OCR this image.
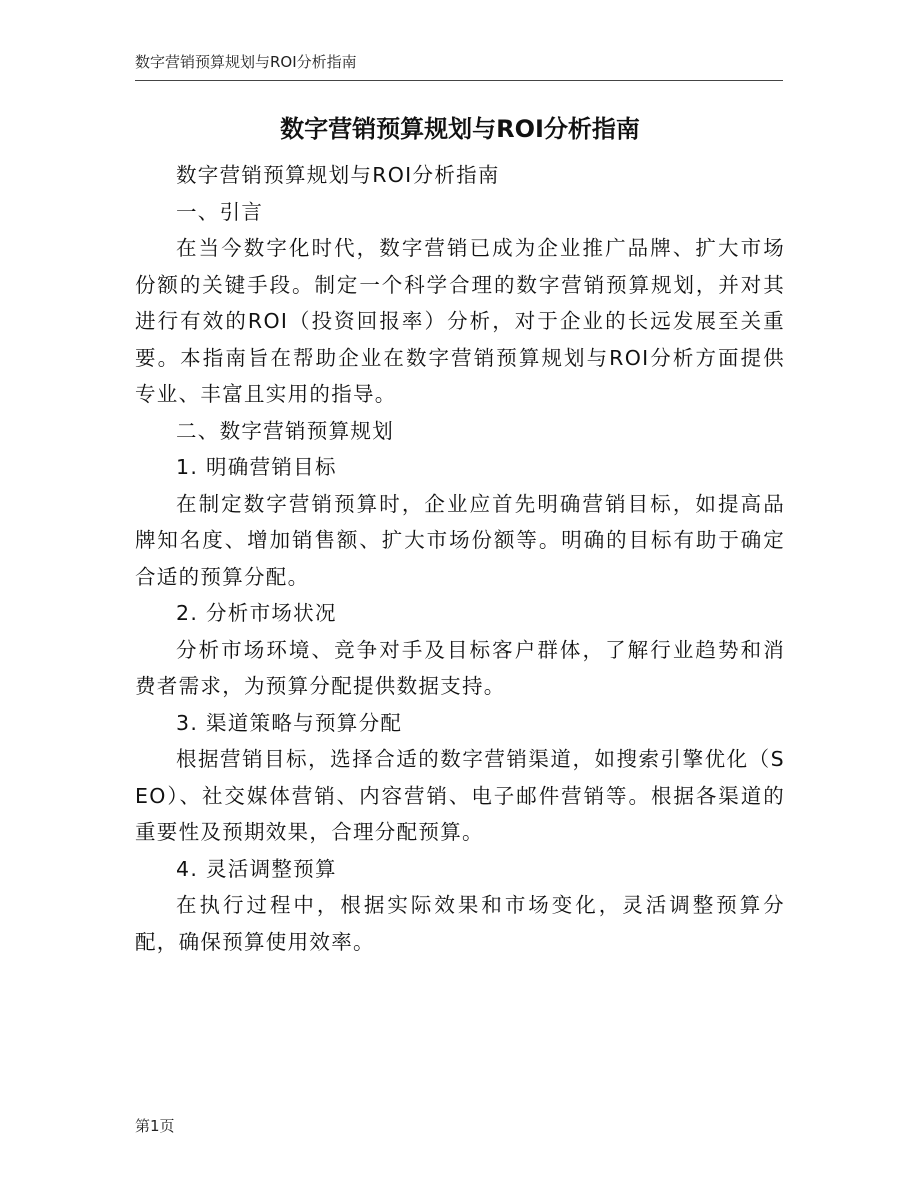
数字营销预算规划与ROI分析指南
数字营销预算规划与ROI分析指南

数字营销预算规划与ROI分析指南

一、引言

在当今数字化时代，数字营销已成为企业推广品牌、扩大市场份额的关键手段。制定一个科学合理的数字营销预算规划，并对其进行有效的ROI（投资回报率）分析，对于企业的长远发展至关重要。本指南旨在帮助企业在数字营销预算规划与ROI分析方面提供专业、丰富且实用的指导。

二、数字营销预算规划

1. 明确营销目标

在制定数字营销预算时，企业应首先明确营销目标，如提高品牌知名度、增加销售额、扩大市场份额等。明确的目标有助于确定合适的预算分配。

2. 分析市场状况

分析市场环境、竞争对手及目标客户群体，了解行业趋势和消费者需求，为预算分配提供数据支持。

3. 渠道策略与预算分配

根据营销目标，选择合适的数字营销渠道，如搜索引擎优化（SEO）、社交媒体营销、内容营销、电子邮件营销等。根据各渠道的重要性及预期效果，合理分配预算。

4. 灵活调整预算

在执行过程中，根据实际效果和市场变化，灵活调整预算分配，确保预算使用效率。

第1页
